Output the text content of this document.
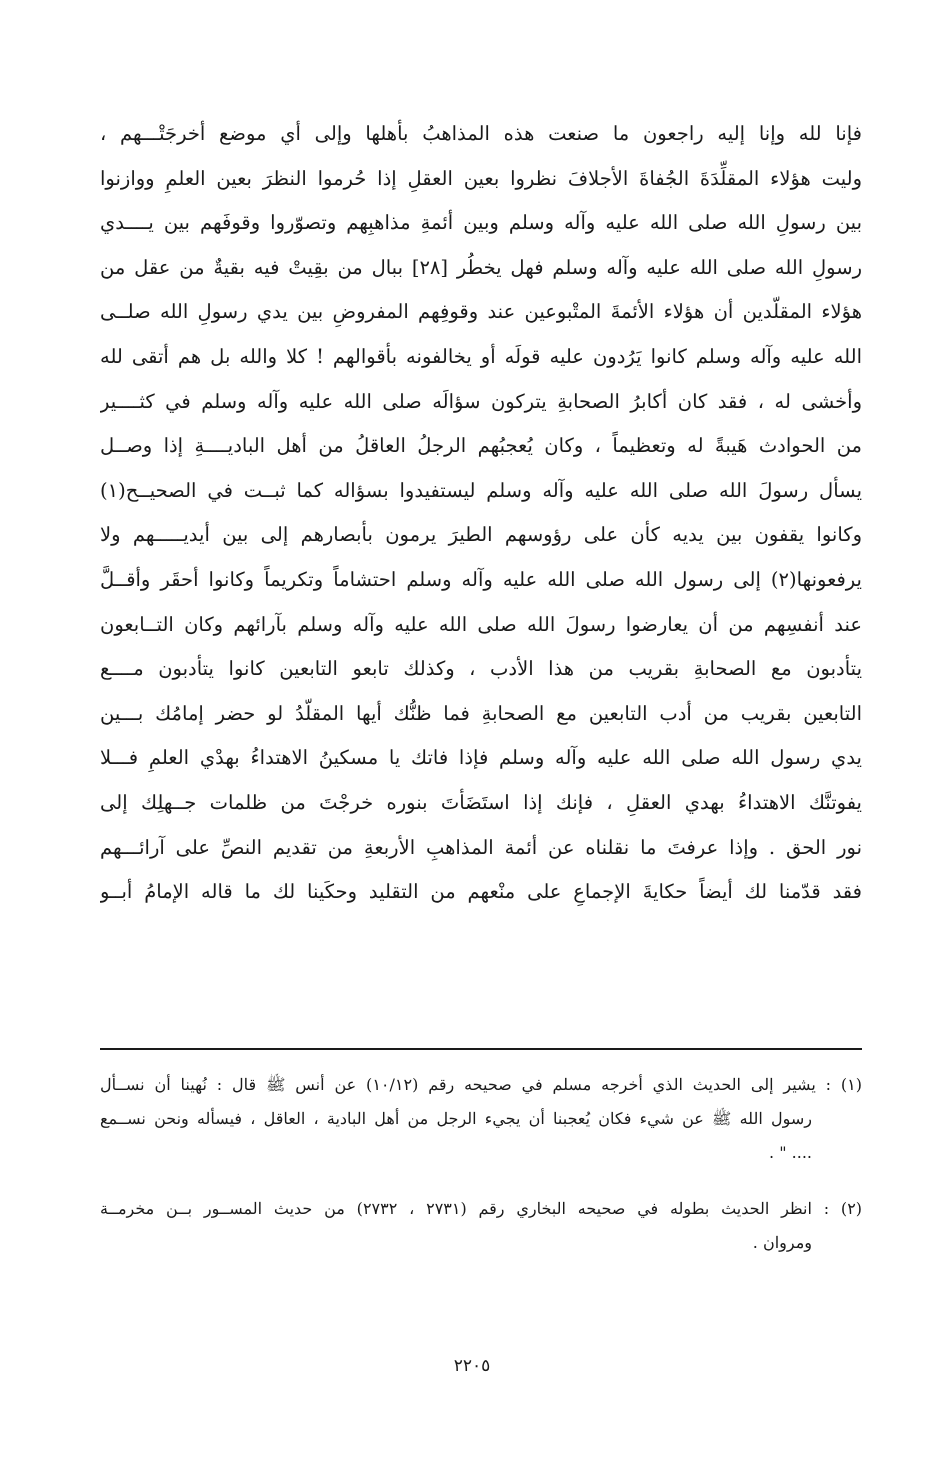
فإنا لله وإنا إليه راجعون ما صنعت هذه المذاهبُ بأهلها وإلى أي موضع أخرجَتْـــهم ،
وليت هؤلاء المقلِّدَةَ الجُفاةَ الأجلافَ نظروا بعين العقلِ إذا حُرموا النظرَ بعين العلمِ ووازنوا
بين رسولِ الله صلى الله عليه وآله وسلم وبين أئمةِ مذاهبِهم وتصوّروا وقوفَهم بين يــــدي
رسولِ الله صلى الله عليه وآله وسلم فهل يخطُر [٢٨] ببال من بقِيتْ فيه بقيةٌ من عقل من
هؤلاء المقلّدين أن هؤلاء الأئمةَ المتْبوعين عند وقوفِهم المفروضِ بين يدي رسولِ الله صلــى
الله عليه وآله وسلم كانوا يَرُدون عليه قولَه أو يخالفونه بأقوالهم ! كلا والله بل هم أتقى لله
وأخشى له ، فقد كان أكابرُ الصحابةِ يتركون سؤالَه صلى الله عليه وآله وسلم في كثــــير
من الحوادث هَيبةً له وتعظيماً ، وكان يُعجبُهم الرجلُ العاقلُ من أهل الباديــــةِ إذا وصــل
يسأل رسولَ الله صلى الله عليه وآله وسلم ليستفيدوا بسؤاله كما ثبــت في الصحيــح(١)
وكانوا يقفون بين يديه كأن على رؤوسهم الطيرَ يرمون بأبصارهم إلى بين أيديـــــهم ولا
يرفعونها(٢) إلى رسول الله صلى الله عليه وآله وسلم احتشاماً وتكريماً وكانوا أحقَر وأقــلَّ
عند أنفسِهم من أن يعارضوا رسولَ الله صلى الله عليه وآله وسلم بآرائهم وكان التــابعون
يتأدبون مع الصحابةِ بقريب من هذا الأدب ، وكذلك تابعو التابعين كانوا يتأدبون مــــع
التابعين بقريب من أدب التابعين مع الصحابةِ فما ظنُّك أيها المقلّدُ لو حضر إمامُك بـــين
يدي رسول الله صلى الله عليه وآله وسلم فإذا فاتك يا مسكينُ الاهتداءُ بهدْي العلمِ فـــلا
يفوتنَّك الاهتداءُ بهدي العقلِ ، فإنك إذا استَضَأتَ بنوره خرجْتَ من ظلمات جــهلِك إلى
نور الحق . وإذا عرفتَ ما نقلناه عن أئمة المذاهبِ الأربعةِ من تقديم النصِّ على آرائـــهم
فقد قدّمنا لك أيضاً حكايةَ الإجماعِ على منْعهم من التقليد وحكَينا لك ما قاله الإمامُ أبــو
(١) : يشير إلى الحديث الذي أخرجه مسلم في صحيحه رقم (١٠/١٢) عن أنس ﷺ قال : نُهينا أن نســأل
رسول الله ﷺ عن شيء فكان يُعجبنا أن يجيء الرجل من أهل البادية ، العاقل ، فيسأله ونحن نســمع
.... " .
(٢) : انظر الحديث بطوله في صحيحه البخاري رقم (٢٧٣١ ، ٢٧٣٢) من حديث المســور بــن مخرمــة
ومروان .
٢٢٠٥
